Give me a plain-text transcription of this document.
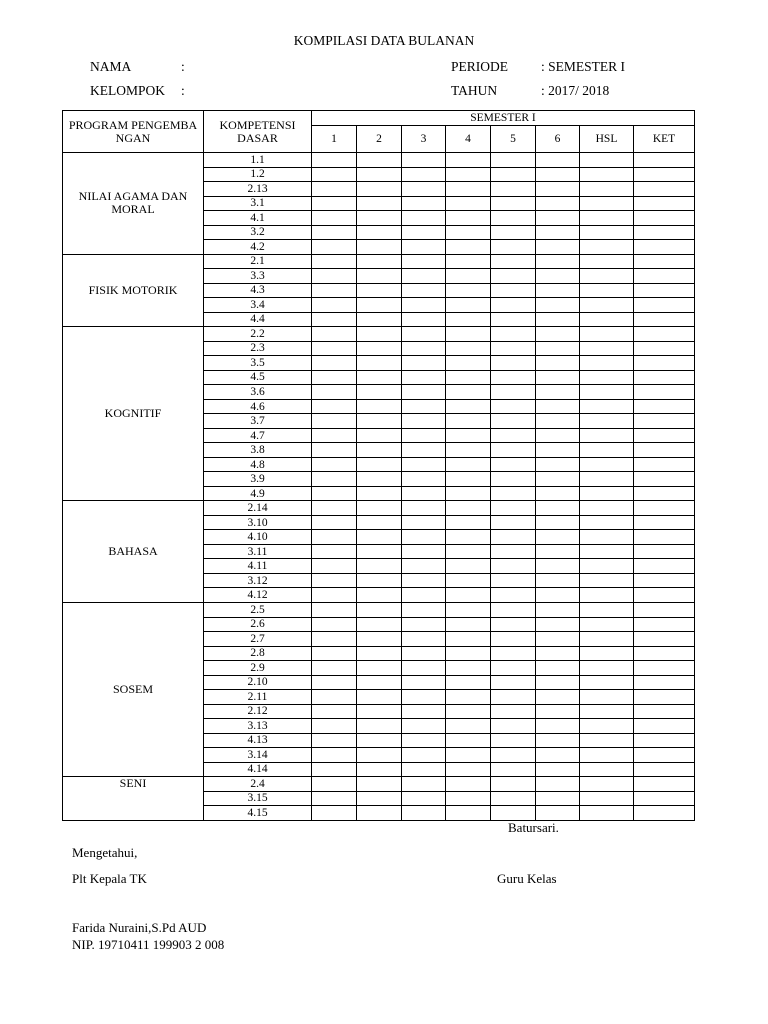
KOMPILASI DATA BULANAN
NAMA	:
KELOMPOK :
PERIODE : SEMESTER I
TAHUN	: 2017/ 2018
PROGRAM PENGEMBANGAN	KOMPETENSI DASAR	SEMESTER I							
		1	2	3	4	5	6	HSL	KET
NILAI AGAMA DAN MORAL	1.1								
	1.2								
	2.13								
	3.1								
	4.1								
	3.2								
	4.2								
FISIK MOTORIK	2.1								
	3.3								
	4.3								
	3.4								
	4.4								
KOGNITIF	2.2								
	2.3								
	3.5								
	4.5								
	3.6								
	4.6								
	3.7								
	4.7								
	3.8								
	4.8								
	3.9								
	4.9								
BAHASA	2.14								
	3.10								
	4.10								
	3.11								
	4.11								
	3.12								
	4.12								
SOSEM	2.5								
	2.6								
	2.7								
	2.8								
	2.9								
	2.10								
	2.11								
	2.12								
	3.13								
	4.13								
	3.14								
	4.14								
SENI	2.4								
	3.15								
	4.15								
Batursari.
Mengetahui,
Plt Kepala TK	Guru Kelas
Farida Nuraini,S.Pd AUD
NIP. 19710411 199903 2 008
